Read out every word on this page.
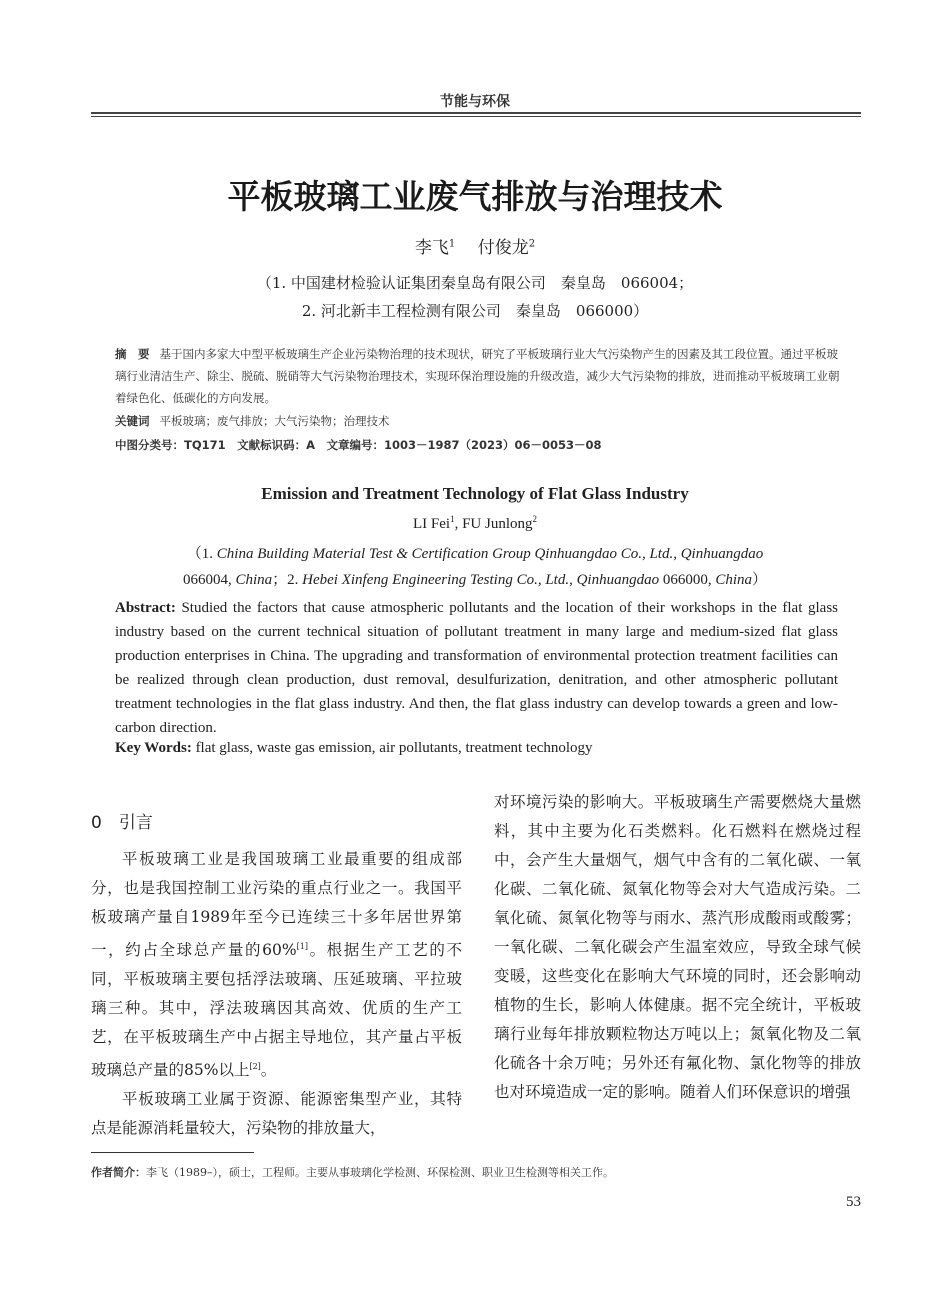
节能与环保
平板玻璃工业废气排放与治理技术
李飞$^1$ 　 付俊龙$^2$
（1. 中国建材检验认证集团秦皇岛有限公司　秦皇岛　066004；
2. 河北新丰工程检测有限公司　秦皇岛　066000）
摘　要 基于国内多家大中型平板玻璃生产企业污染物治理的技术现状，研究了平板玻璃行业大气污染物产生的因素及其工段位置。通过平板玻璃行业清洁生产、除尘、脱硫、脱硝等大气污染物治理技术，实现环保治理设施的升级改造，减少大气污染物的排放，进而推动平板玻璃工业朝着绿色化、低碳化的方向发展。
关键词 平板玻璃；废气排放；大气污染物；治理技术
中图分类号：TQ171　文献标识码：A　文章编号：1003－1987（2023）06－0053－08
Emission and Treatment Technology of Flat Glass Industry
LI Fei$^1$, FU Junlong$^2$
（1. China Building Material Test & Certification Group Qinhuangdao Co., Ltd., Qinhuangdao
066004, China；2. Hebei Xinfeng Engineering Testing Co., Ltd., Qinhuangdao 066000, China）
Abstract: Studied the factors that cause atmospheric pollutants and the location of their workshops in the flat glass industry based on the current technical situation of pollutant treatment in many large and medium-sized flat glass production enterprises in China. The upgrading and transformation of environmental protection treatment facilities can be realized through clean production, dust removal, desulfurization, denitration, and other atmospheric pollutant treatment technologies in the flat glass industry. And then, the flat glass industry can develop towards a green and low-carbon direction.
Key Words: flat glass, waste gas emission, air pollutants, treatment technology
0　引言

平板玻璃工业是我国玻璃工业最重要的组成部分，也是我国控制工业污染的重点行业之一。我国平板玻璃产量自1989年至今已连续三十多年居世界第一，约占全球总产量的60%[1]。根据生产工艺的不同，平板玻璃主要包括浮法玻璃、压延玻璃、平拉玻璃三种。其中，浮法玻璃因其高效、优质的生产工艺，在平板玻璃生产中占据主导地位，其产量占平板玻璃总产量的85%以上[2]。

平板玻璃工业属于资源、能源密集型产业，其特点是能源消耗量较大，污染物的排放量大，

对环境污染的影响大。平板玻璃生产需要燃烧大量燃料，其中主要为化石类燃料。化石燃料在燃烧过程中，会产生大量烟气，烟气中含有的二氧化碳、一氧化碳、二氧化硫、氮氧化物等会对大气造成污染。二氧化硫、氮氧化物等与雨水、蒸汽形成酸雨或酸雾；一氧化碳、二氧化碳会产生温室效应，导致全球气候变暖，这些变化在影响大气环境的同时，还会影响动植物的生长，影响人体健康。据不完全统计，平板玻璃行业每年排放颗粒物达万吨以上；氮氧化物及二氧化硫各十余万吨；另外还有氟化物、氯化物等的排放也对环境造成一定的影响。随着人们环保意识的增强
作者简介：李飞（1989–），硕士，工程师。主要从事玻璃化学检测、环保检测、职业卫生检测等相关工作。
53
